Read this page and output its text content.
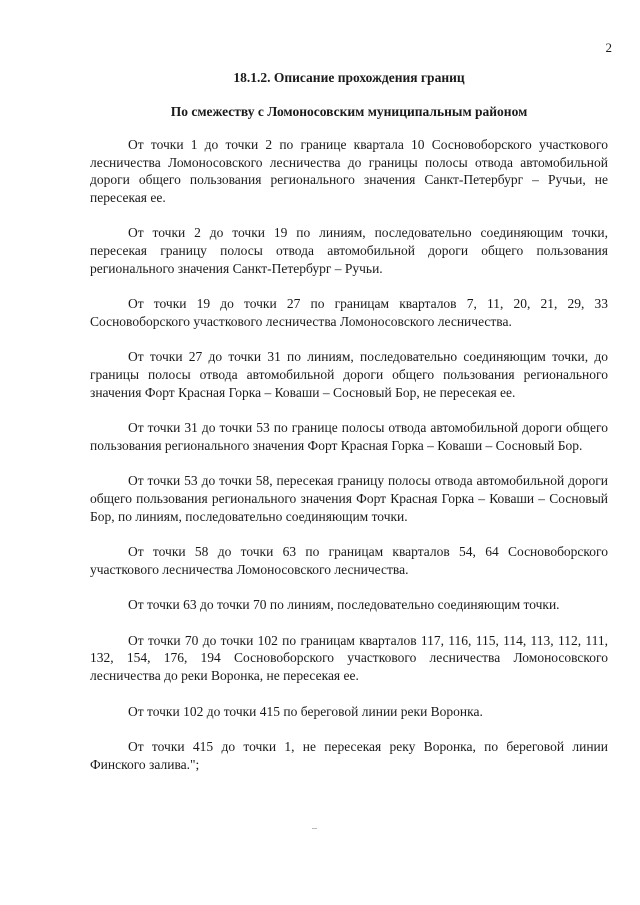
2
18.1.2. Описание прохождения границ
По смежеству с Ломоносовским муниципальным районом

От точки 1 до точки 2 по границе квартала 10 Сосновоборского участкового лесничества Ломоносовского лесничества до границы полосы отвода автомобильной дороги общего пользования регионального значения Санкт-Петербург – Ручьи, не пересекая ее.

От точки 2 до точки 19 по линиям, последовательно соединяющим точки, пересекая границу полосы отвода автомобильной дороги общего пользования регионального значения Санкт-Петербург – Ручьи.

От точки 19 до точки 27 по границам кварталов 7, 11, 20, 21, 29, 33 Сосновоборского участкового лесничества Ломоносовского лесничества.

От точки 27 до точки 31 по линиям, последовательно соединяющим точки, до границы полосы отвода автомобильной дороги общего пользования регионального значения Форт Красная Горка – Коваши – Сосновый Бор, не пересекая ее.

От точки 31 до точки 53 по границе полосы отвода автомобильной дороги общего пользования регионального значения Форт Красная Горка – Коваши – Сосновый Бор.

От точки 53 до точки 58, пересекая границу полосы отвода автомобильной дороги общего пользования регионального значения Форт Красная Горка – Коваши – Сосновый Бор, по линиям, последовательно соединяющим точки.

От точки 58 до точки 63 по границам кварталов 54, 64 Сосновоборского участкового лесничества Ломоносовского лесничества.

От точки 63 до точки 70 по линиям, последовательно соединяющим точки.

От точки 70 до точки 102 по границам кварталов 117, 116, 115, 114, 113, 112, 111, 132, 154, 176, 194 Сосновоборского участкового лесничества Ломоносовского лесничества до реки Воронка, не пересекая ее.

От точки 102 до точки 415 по береговой линии реки Воронка.

От точки 415 до точки 1, не пересекая реку Воронка, по береговой линии Финского залива.";
